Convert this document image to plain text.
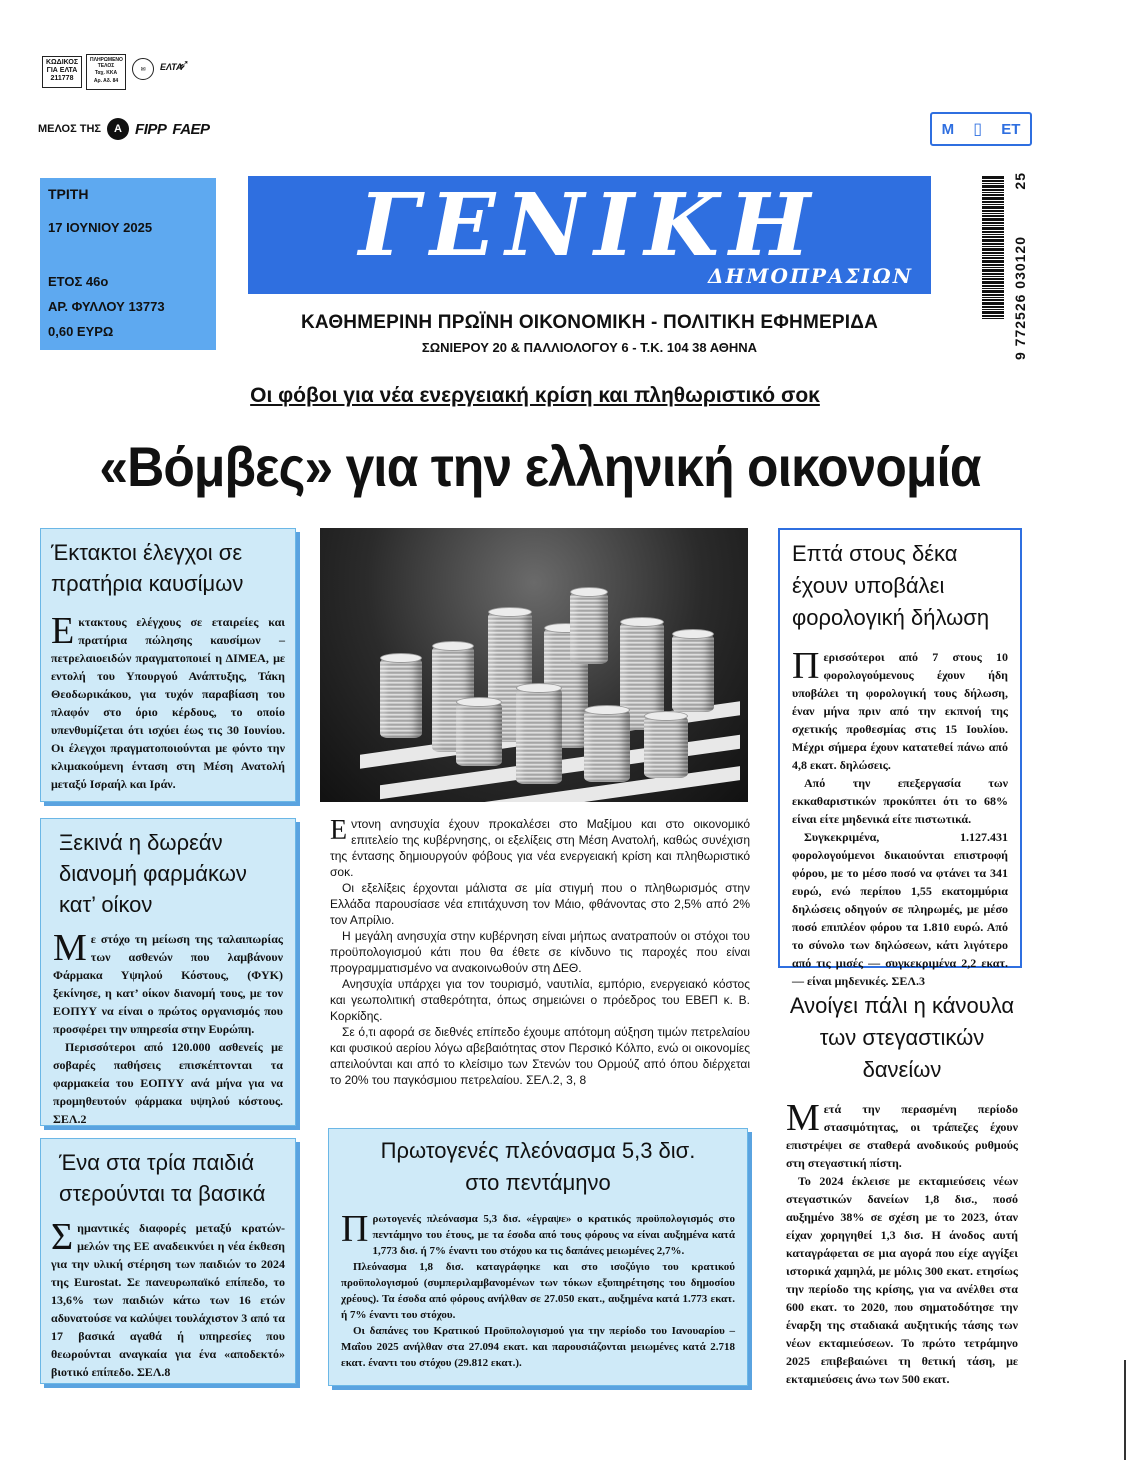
ΚΩΔΙΚΟΣ ΓΙΑ ΕΛΤΑ
211778
ΠΛΗΡΩΜΕΝΟ ΤΕΛΟΣ
Ταχ. ΚΚΑ
Αρ. Αδ. 84
✉	ΕΛΤΑ
➶
ΜΕΛΟΣ ΤΗΣ	A FIPP FAEP
ΤΡΙΤΗ
17 ΙΟΥΝΙΟΥ 2025
ΕΤΟΣ 46ο
ΑΡ. ΦΥΛΛΟΥ 13773
0,60 ΕΥΡΩ
ΓΕΝΙΚΗ
ΔΗΜΟΠΡΑΣΙΩΝ
ΚΑΘΗΜΕΡΙΝΗ ΠΡΩΪΝΗ ΟΙΚΟΝΟΜΙΚΗ - ΠΟΛΙΤΙΚΗ ΕΦΗΜΕΡΙΔΑ
ΣΩΝΙΕΡΟΥ 20 & ΠΑΛΛΙΟΛΟΓΟΥ 6 - Τ.Κ. 104 38 ΑΘΗΝΑ
Μ ▯ ΕΤ
9 772526 030120
25
Οι φόβοι για νέα ενεργειακή κρίση και πληθωριστικό σοκ
«Βόμβες» για την ελληνική οικονομία
Έκτακτοι έλεγχοι σε πρατήρια καυσίμων
Ε κτακτους ελέγχους σε εταιρείες και πρατήρια πώλησης καυσίμων – πετρελαιοειδών πραγματοποιεί η ΔΙΜΕΑ, με εντολή του Υπουργού Ανάπτυξης, Τάκη Θεοδωρικάκου, για τυχόν παραβίαση του πλαφόν στο όριο κέρδους, το οποίο υπενθυμίζεται ότι ισχύει έως τις 30 Ιουνίου. Οι έλεγχοι πραγματοποιούνται με φόντο την κλιμακούμενη ένταση στη Μέση Ανατολή μεταξύ Ισραήλ και Ιράν.
Ξεκινά η δωρεάν διανομή φαρμάκων κατ’ οίκον
Μ ε στόχο τη μείωση της ταλαιπωρίας των ασθενών που λαμβάνουν Φάρμακα Υψηλού Κόστους, (ΦΥΚ) ξεκίνησε, η κατ’ οίκον διανομή τους, με τον ΕΟΠΥΥ να είναι ο πρώτος οργανισμός που προσφέρει την υπηρεσία στην Ευρώπη.

Περισσότεροι από 120.000 ασθενείς με σοβαρές παθήσεις επισκέπτονται τα φαρμακεία του ΕΟΠΥΥ ανά μήνα για να προμηθευτούν φάρμακα υψηλού κόστους. ΣΕΛ.2

Ένα στα τρία παιδιά στερούνται τα βασικά
Σ ημαντικές διαφορές μεταξύ κρατών-μελών της ΕΕ αναδεικνύει η νέα έκθεση για την υλική στέρηση των παιδιών το 2024 της Eurostat. Σε πανευρωπαϊκό επίπεδο, το 13,6% των παιδιών κάτω των 16 ετών αδυνατούσε να καλύψει τουλάχιστον 3 από τα 17 βασικά αγαθά ή υπηρεσίες που θεωρούνται αναγκαία για ένα «αποδεκτό» βιοτικό επίπεδο. ΣΕΛ.8

Εντονη ανησυχία έχουν προκαλέσει στο Μαξίμου και στο οικονομικό επιτελείο της κυβέρνησης, οι εξελίξεις στη Μέση Ανατολή, καθώς συνέχιση της έντασης δημιουργούν φόβους για νέα ενεργειακή κρίση και πληθωριστικό σοκ.

Οι εξελίξεις έρχονται μάλιστα σε μία στιγμή που ο πληθωρισμός στην Ελλάδα παρουσίασε νέα επιτάχυνση τον Μάιο, φθάνοντας στο 2,5% από 2% τον Απρίλιο.

Η μεγάλη ανησυχία στην κυβέρνηση είναι μήπως ανατραπούν οι στόχοι του προϋπολογισμού κάτι που θα έθετε σε κίνδυνο τις παροχές που είναι προγραμματισμένο να ανακοινωθούν στη ΔΕΘ.

Ανησυχία υπάρχει για τον τουρισμό, ναυτιλία, εμπόριο, ενεργειακό κόστος και γεωπολιτική σταθερότητα, όπως σημειώνει ο πρόεδρος του ΕΒΕΠ κ. Β. Κορκίδης.

Σε ό,τι αφορά σε διεθνές επίπεδο έχουμε απότομη αύξηση τιμών πετρελαίου και φυσικού αερίου λόγω αβεβαιότητας στον Περσικό Κόλπο, ενώ οι οικονομίες απειλούνται και από το κλείσιμο των Στενών του Ορμούζ από όπου διέρχεται το 20% του παγκόσμιου πετρελαίου. ΣΕΛ.2, 3, 8

Πρωτογενές πλεόνασμα 5,3 δισ. στο πεντάμηνο
Π ρωτογενές πλεόνασμα 5,3 δισ. «έγραψε» ο κρατικός προϋπολογισμός στο πεντάμηνο του έτους, με τα έσοδα από τους φόρους να είναι αυξημένα κατά 1,773 δισ. ή 7% έναντι του στόχου κα τις δαπάνες μειωμένες 2,7%.

Πλεόνασμα 1,8 δισ. καταγράφηκε και στο ισοζύγιο του κρατικού προϋπολογισμού (συμπεριλαμβανομένων των τόκων εξυπηρέτησης του δημοσίου χρέους). Τα έσοδα από φόρους ανήλθαν σε 27.050 εκατ., αυξημένα κατά 1.773 εκατ. ή 7% έναντι του στόχου.

Οι δαπάνες του Κρατικού Προϋπολογισμού για την περίοδο του Ιανουαρίου – Μαΐου 2025 ανήλθαν στα 27.094 εκατ. και παρουσιάζονται μειωμένες κατά 2.718 εκατ. έναντι του στόχου (29.812 εκατ.).

Επτά στους δέκα έχουν υποβάλει φορολογική δήλωση
Π ερισσότεροι από 7 στους 10 φορολογούμενους έχουν ήδη υποβάλει τη φορολογική τους δήλωση, έναν μήνα πριν από την εκπνοή της σχετικής προθεσμίας στις 15 Ιουλίου. Μέχρι σήμερα έχουν κατατεθεί πάνω από 4,8 εκατ. δηλώσεις.

Από την επεξεργασία των εκκαθαριστικών προκύπτει ότι το 68% είναι είτε μηδενικά είτε πιστωτικά.

Συγκεκριμένα, 1.127.431 φορολογούμενοι δικαιούνται επιστροφή φόρου, με το μέσο ποσό να φτάνει τα 341 ευρώ, ενώ περίπου 1,55 εκατομμύρια δηλώσεις οδηγούν σε πληρωμές, με μέσο ποσό επιπλέον φόρου τα 1.810 ευρώ. Από το σύνολο των δηλώσεων, κάτι λιγότερο από τις μισές — συγκεκριμένα 2,2 εκατ. — είναι μηδενικές. ΣΕΛ.3

Ανοίγει πάλι η κάνουλα των στεγαστικών δανείων
Μ ετά την περασμένη περίοδο στασιμότητας, οι τράπεζες έχουν επιστρέψει σε σταθερά ανοδικούς ρυθμούς στη στεγαστική πίστη.

Το 2024 έκλεισε με εκταμιεύσεις νέων στεγαστικών δανείων 1,8 δισ., ποσό αυξημένο 38% σε σχέση με το 2023, όταν είχαν χορηγηθεί 1,3 δισ. Η άνοδος αυτή καταγράφεται σε μια αγορά που είχε αγγίξει ιστορικά χαμηλά, με μόλις 300 εκατ. ετησίως την περίοδο της κρίσης, για να ανέλθει στα 600 εκατ. το 2020, που σηματοδότησε την έναρξη της σταδιακά αυξητικής τάσης των νέων εκταμιεύσεων. Το πρώτο τετράμηνο 2025 επιβεβαιώνει τη θετική τάση, με εκταμιεύσεις άνω των 500 εκατ.
